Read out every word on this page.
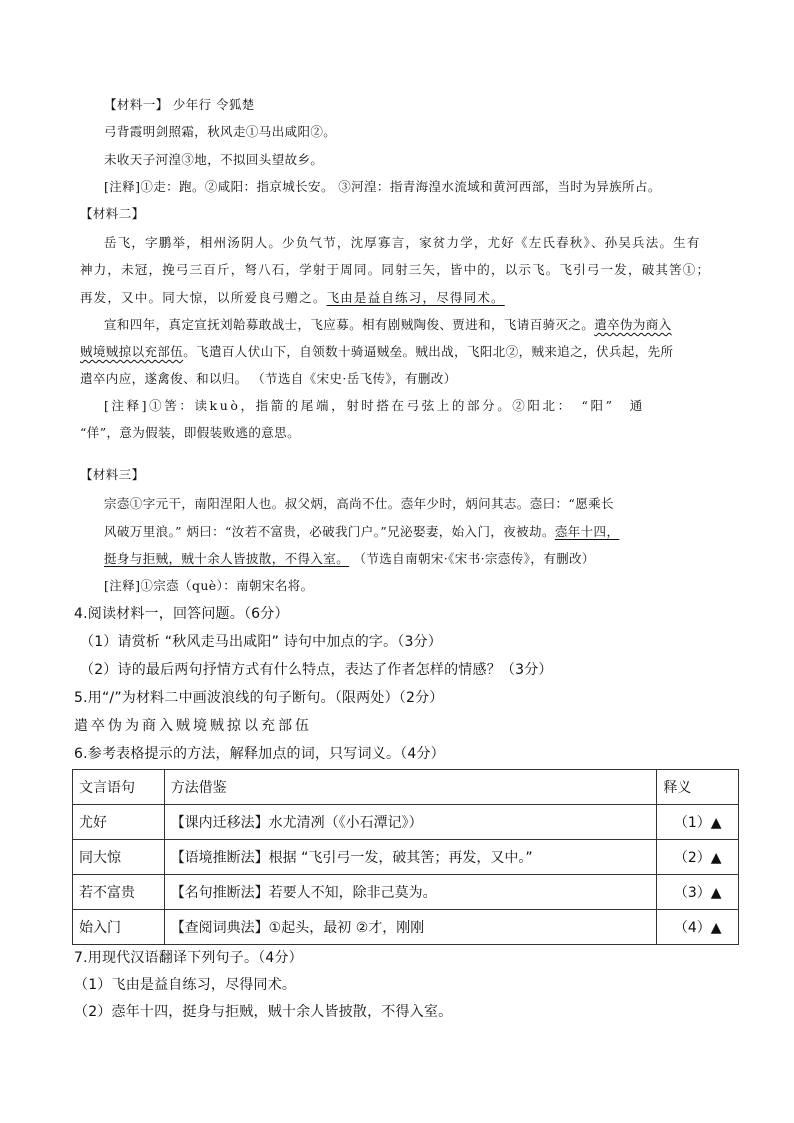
【材料一】 少年行 令狐楚
弓背霞明剑照霜，秋风走①马出咸阳②。
未收天子河湟③地，不拟回头望故乡。
[注释]①走：跑。②咸阳：指京城长安。 ③河湟：指青海湟水流域和黄河西部，当时为异族所占。
【材料二】
岳飞，字鹏举，相州汤阴人。少负气节，沈厚寡言，家贫力学，尤好《左氏春秋》、孙吴兵法。生有
神力，未冠，挽弓三百斤，弩八石，学射于周同。同射三矢，皆中的，以示飞。飞引弓一发，破其筈①；
再发，又中。同大惊，以所爱良弓赠之。飞由是益自练习，尽得同术。
宣和四年，真定宣抚刘韐募敢战士，飞应募。相有剧贼陶俊、贾进和，飞请百骑灭之。遣卒伪为商入
贼境贼掠以充部伍。飞遣百人伏山下，自领数十骑逼贼垒。贼出战，飞阳北②，贼来追之，伏兵起，先所
遣卒内应，遂禽俊、和以归。 （节选自《宋史·岳飞传》，有删改）
[注释]①筈：读kuò，指箭的尾端，射时搭在弓弦上的部分。②阳北：　“阳”　通
“佯”，意为假装，即假装败逃的意思。
【材料三】
宗悫①字元干，南阳涅阳人也。叔父炳，高尚不仕。悫年少时，炳问其志。悫曰：“愿乘长
风破万里浪。” 炳曰：“汝若不富贵，必破我门户。”兄泌娶妻，始入门，夜被劫。悫年十四，
挺身与拒贼，贼十余人皆披散，不得入室。 （节选自南朝宋·《宋书·宗悫传》，有删改）
[注释]①宗悫（què）：南朝宋名将。
4.阅读材料一，回答问题。（6分）
（1）请赏析 “秋风走马出咸阳” 诗句中加点的字。（3分）
（2）诗的最后两句抒情方式有什么特点，表达了作者怎样的情感？（3分）
5.用“/”为材料二中画波浪线的句子断句。（限两处）（2分）
遣卒伪为商入贼境贼掠以充部伍
6.参考表格提示的方法，解释加点的词，只写词义。（4分）
文言语句	方法借鉴	释义
尤好	【课内迁移法】水尤清冽（《小石潭记》）	（1）▲
同大惊	【语境推断法】根据 “飞引弓一发，破其筈；再发，又中。”	（2）▲
若不富贵	【名句推断法】若要人不知，除非己莫为。	（3）▲
始入门	【查阅词典法】①起头，最初 ②才，刚刚	（4）▲
7.用现代汉语翻译下列句子。（4分）
（1）飞由是益自练习，尽得同术。
（2）悫年十四，挺身与拒贼，贼十余人皆披散，不得入室。
